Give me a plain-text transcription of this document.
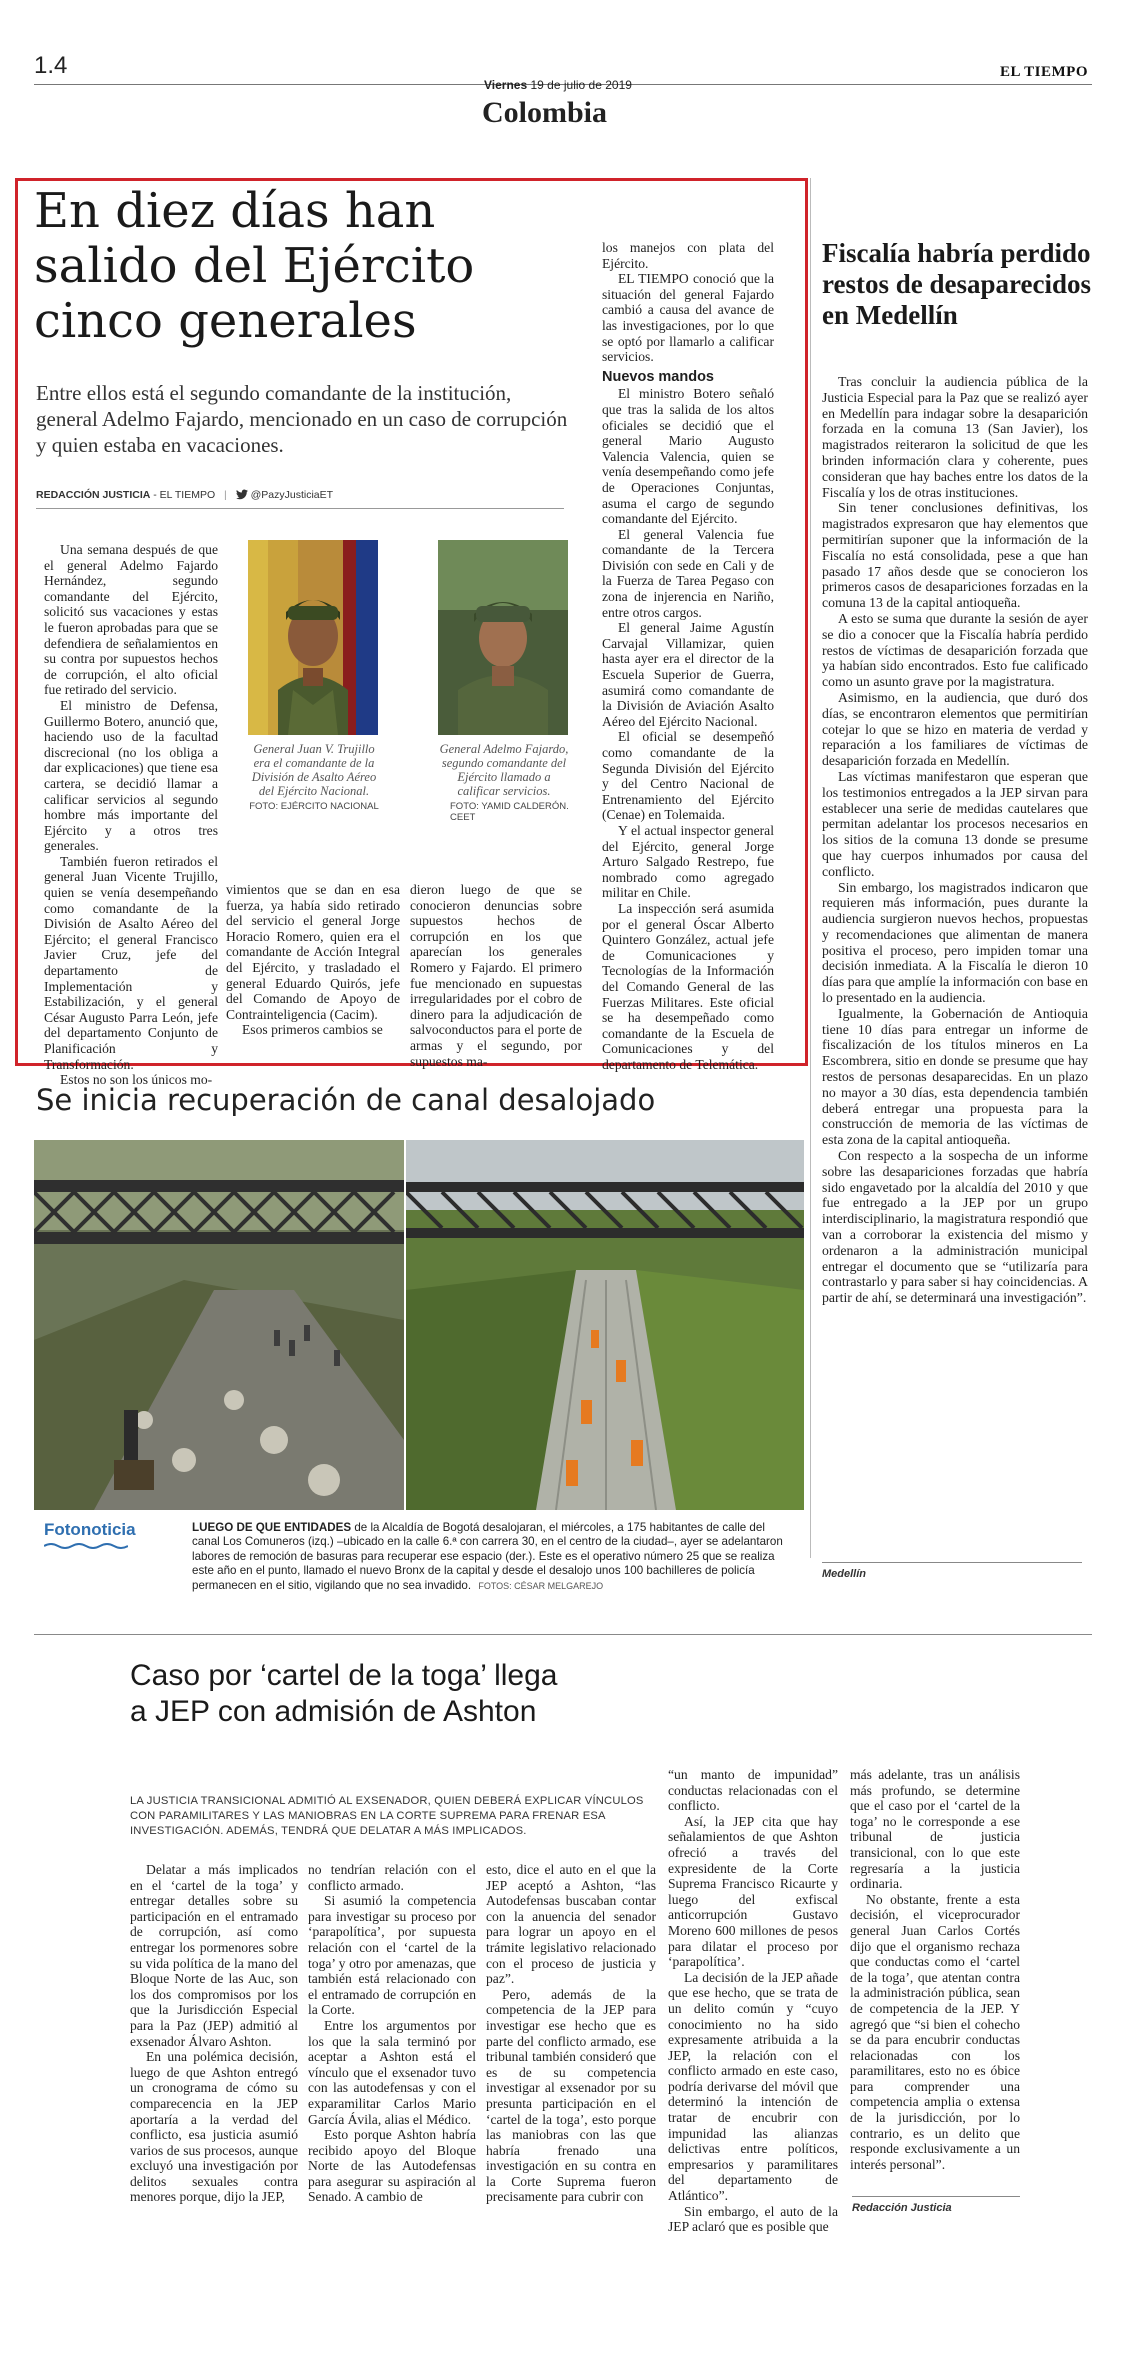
1.4
Viernes 19 de julio de 2019
Colombia
EL TIEMPO
En diez días han salido del Ejército cinco generales
Entre ellos está el segundo comandante de la institución, general Adelmo Fajardo, mencionado en un caso de corrupción y quien estaba en vacaciones.
REDACCIÓN JUSTICIA - EL TIEMPO | @PazyJusticiaET

Una semana después de que el general Adelmo Fajardo Hernández, segundo comandante del Ejército, solicitó sus vacaciones y estas le fueron aprobadas para que se defendiera de señalamientos en su contra por supuestos hechos de corrupción, el alto oficial fue retirado del servicio.

El ministro de Defensa, Guillermo Botero, anunció que, haciendo uso de la facultad discrecional (no los obliga a dar explicaciones) que tiene esa cartera, se decidió llamar a calificar servicios al segundo hombre más importante del Ejército y a otros tres generales.

También fueron retirados el general Juan Vicente Trujillo, quien se venía desempeñando como comandante de la División de Asalto Aéreo del Ejército; el general Francisco Javier Cruz, jefe del departamento de Implementación y Estabilización, y el general César Augusto Parra León, jefe del departamento Conjunto de Planificación y Transformación.

Estos no son los únicos mo-

General Juan V. Trujillo era el comandante de la División de Asalto Aéreo del Ejército Nacional.
FOTO: EJÉRCITO NACIONAL
General Adelmo Fajardo, segundo comandante del Ejército llamado a calificar servicios.
FOTO: YAMID CALDERÓN.
CEET

vimientos que se dan en esa fuerza, ya había sido retirado del servicio el general Jorge Horacio Romero, quien era el comandante de Acción Integral del Ejército, y trasladado el general Eduardo Quirós, jefe del Comando de Apoyo de Contrainteligencia (Cacim).

Esos primeros cambios se

dieron luego de que se conocieron denuncias sobre supuestos hechos de corrupción en los que aparecían los generales Romero y Fajardo. El primero fue mencionado en supuestas irregularidades por el cobro de dinero para la adjudicación de salvoconductos para el porte de armas y el segundo, por supuestos ma-

los manejos con plata del Ejército.

EL TIEMPO conoció que la situación del general Fajardo cambió a causa del avance de las investigaciones, por lo que se optó por llamarlo a calificar servicios.

Nuevos mandos

El ministro Botero señaló que tras la salida de los altos oficiales se decidió que el general Mario Augusto Valencia Valencia, quien se venía desempeñando como jefe de Operaciones Conjuntas, asuma el cargo de segundo comandante del Ejército.

El general Valencia fue comandante de la Tercera División con sede en Cali y de la Fuerza de Tarea Pegaso con zona de injerencia en Nariño, entre otros cargos.

El general Jaime Agustín Carvajal Villamizar, quien hasta ayer era el director de la Escuela Superior de Guerra, asumirá como comandante de la División de Aviación Asalto Aéreo del Ejército Nacional.

El oficial se desempeñó como comandante de la Segunda División del Ejército y del Centro Nacional de Entrenamiento del Ejército (Cenae) en Tolemaida.

Y el actual inspector general del Ejército, general Jorge Arturo Salgado Restrepo, fue nombrado como agregado militar en Chile.

La inspección será asumida por el general Óscar Alberto Quintero González, actual jefe de Comunicaciones y Tecnologías de la Información del Comando General de las Fuerzas Militares. Este oficial se ha desempeñado como comandante de la Escuela de Comunicaciones y del departamento de Telemática.

Fiscalía habría perdido restos de desaparecidos en Medellín

Tras concluir la audiencia pública de la Justicia Especial para la Paz que se realizó ayer en Medellín para indagar sobre la desaparición forzada en la comuna 13 (San Javier), los magistrados reiteraron la solicitud de que les brinden información clara y coherente, pues consideran que hay baches entre los datos de la Fiscalía y los de otras instituciones.

Sin tener conclusiones definitivas, los magistrados expresaron que hay elementos que permitirían suponer que la información de la Fiscalía no está consolidada, pese a que han pasado 17 años desde que se conocieron los primeros casos de desapariciones forzadas en la comuna 13 de la capital antioqueña.

A esto se suma que durante la sesión de ayer se dio a conocer que la Fiscalía habría perdido restos de víctimas de desaparición forzada que ya habían sido encontrados. Esto fue calificado como un asunto grave por la magistratura.

Asimismo, en la audiencia, que duró dos días, se encontraron elementos que permitirían cotejar lo que se hizo en materia de verdad y reparación a los familiares de víctimas de desaparición forzada en Medellín.

Las víctimas manifestaron que esperan que los testimonios entregados a la JEP sirvan para establecer una serie de medidas cautelares que permitan adelantar los procesos necesarios en los sitios de la comuna 13 donde se presume que hay cuerpos inhumados por causa del conflicto.

Sin embargo, los magistrados indicaron que requieren más información, pues durante la audiencia surgieron nuevos hechos, propuestas y recomendaciones que alimentan de manera positiva el proceso, pero impiden tomar una decisión inmediata. A la Fiscalía le dieron 10 días para que amplíe la información con base en lo presentado en la audiencia.

Igualmente, la Gobernación de Antioquia tiene 10 días para entregar un informe de fiscalización de los títulos mineros en La Escombrera, sitio en donde se presume que hay restos de personas desaparecidas. En un plazo no mayor a 30 días, esta dependencia también deberá entregar una propuesta para la construcción de memoria de las víctimas de esta zona de la capital antioqueña.

Con respecto a la sospecha de un informe sobre las desapariciones forzadas que habría sido engavetado por la alcaldía del 2010 y que fue entregado a la JEP por un grupo interdisciplinario, la magistratura respondió que van a corroborar la existencia del mismo y ordenaron a la administración municipal entregar el documento que se “utilizaría para contrastarlo y para saber si hay coincidencias. A partir de ahí, se determinará una investigación”.

Medellín
Se inicia recuperación de canal desalojado
Fotonoticia	LUEGO DE QUE ENTIDADES de la Alcaldía de Bogotá desalojaran, el miércoles, a 175 habitantes de calle del canal Los Comuneros (izq.) –ubicado en la calle 6.ª con carrera 30, en el centro de la ciudad–, ayer se adelantaron labores de remoción de basuras para recuperar ese espacio (der.). Este es el operativo número 25 que se realiza este año en el punto, llamado el nuevo Bronx de la capital y desde el desalojo unos 100 bachilleres de policía permanecen en el sitio, vigilando que no sea invadido. FOTOS: CÉSAR MELGAREJO
Caso por ‘cartel de la toga’ llega
a JEP con admisión de Ashton
LA JUSTICIA TRANSICIONAL ADMITIÓ AL EXSENADOR, QUIEN DEBERÁ EXPLICAR VÍNCULOS CON PARAMILITARES Y LAS MANIOBRAS EN LA CORTE SUPREMA PARA FRENAR ESA INVESTIGACIÓN. ADEMÁS, TENDRÁ QUE DELATAR A MÁS IMPLICADOS.

Delatar a más implicados en el ‘cartel de la toga’ y entregar detalles sobre su participación en el entramado de corrupción, así como entregar los pormenores sobre su vida política de la mano del Bloque Norte de las Auc, son los dos compromisos por los que la Jurisdicción Especial para la Paz (JEP) admitió al exsenador Álvaro Ashton.

En una polémica decisión, luego de que Ashton entregó un cronograma de cómo su comparecencia en la JEP aportaría a la verdad del conflicto, esa justicia asumió varios de sus procesos, aunque excluyó una investigación por delitos sexuales contra menores porque, dijo la JEP,

no tendrían relación con el conflicto armado.

Si asumió la competencia para investigar su proceso por ‘parapolítica’, por supuesta relación con el ‘cartel de la toga’ y otro por amenazas, que también está relacionado con el entramado de corrupción en la Corte.

Entre los argumentos por los que la sala terminó por aceptar a Ashton está el vínculo que el exsenador tuvo con las autodefensas y con el exparamilitar Carlos Mario García Ávila, alias el Médico.

Esto porque Ashton habría recibido apoyo del Bloque Norte de las Autodefensas para asegurar su aspiración al Senado. A cambio de

esto, dice el auto en el que la JEP aceptó a Ashton, “las Autodefensas buscaban contar con la anuencia del senador para lograr un apoyo en el trámite legislativo relacionado con el proceso de justicia y paz”.

Pero, además de la competencia de la JEP para investigar ese hecho que es parte del conflicto armado, ese tribunal también consideró que es de su competencia investigar al exsenador por su presunta participación en el ‘cartel de la toga’, esto porque las maniobras con las que habría frenado una investigación en su contra en la Corte Suprema fueron precisamente para cubrir con

“un manto de impunidad” conductas relacionadas con el conflicto.

Así, la JEP cita que hay señalamientos de que Ashton ofreció a través del expresidente de la Corte Suprema Francisco Ricaurte y luego del exfiscal anticorrupción Gustavo Moreno 600 millones de pesos para dilatar el proceso por ‘parapolítica’.

La decisión de la JEP añade que ese hecho, que se trata de un delito común y “cuyo conocimiento no ha sido expresamente atribuida a la JEP, la relación con el conflicto armado en este caso, podría derivarse del móvil que determinó la intención de tratar de encubrir con impunidad las alianzas delictivas entre políticos, empresarios y paramilitares del departamento de Atlántico”.

Sin embargo, el auto de la JEP aclaró que es posible que

más adelante, tras un análisis más profundo, se determine que el caso por el ‘cartel de la toga’ no le corresponde a ese tribunal de justicia transicional, con lo que este regresaría a la justicia ordinaria.

No obstante, frente a esta decisión, el viceprocurador general Juan Carlos Cortés dijo que el organismo rechaza que conductas como el ‘cartel de la toga’, que atentan contra la administración pública, sean de competencia de la JEP. Y agregó que “si bien el cohecho se da para encubrir conductas relacionadas con los paramilitares, esto no es óbice para comprender una competencia amplia o extensa de la jurisdicción, por lo contrario, es un delito que responde exclusivamente a un interés personal”.

Redacción Justicia
